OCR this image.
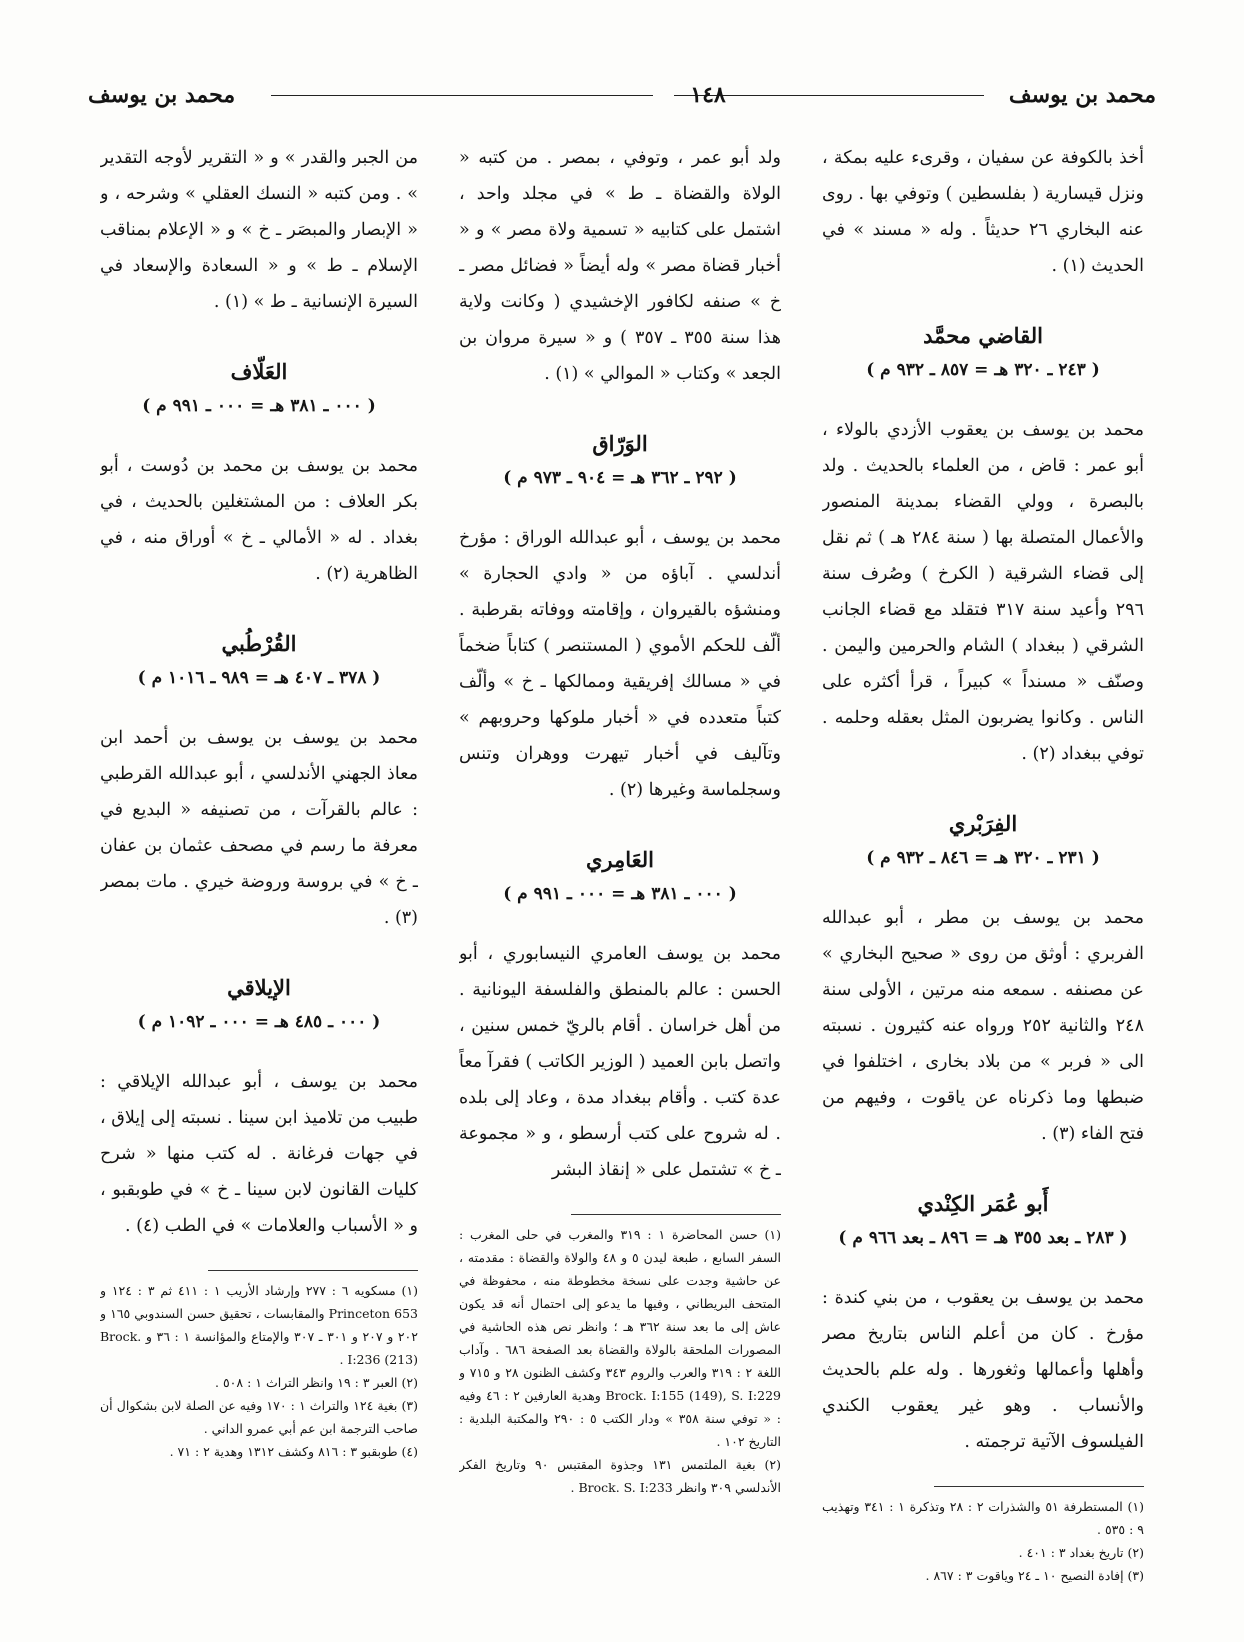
محمد بن يوسف
١٤٨
محمد بن يوسف

أخذ بالكوفة عن سفيان ، وقرىء عليه بمكة ، ونزل قيسارية ( بفلسطين ) وتوفي بها . روى عنه البخاري ٢٦ حديثاً . وله « مسند » في الحديث (١) .

القاضي محمَّد
( ٢٤٣ ـ ٣٢٠ هـ = ٨٥٧ ـ ٩٣٢ م )

محمد بن يوسف بن يعقوب الأزدي بالولاء ، أبو عمر : قاض ، من العلماء بالحديث . ولد بالبصرة ، وولي القضاء بمدينة المنصور والأعمال المتصلة بها ( سنة ٢٨٤ هـ ) ثم نقل إلى قضاء الشرقية ( الكرخ ) وصُرف سنة ٢٩٦ وأعيد سنة ٣١٧ فتقلد مع قضاء الجانب الشرقي ( ببغداد ) الشام والحرمين واليمن . وصنّف « مسنداً » كبيراً ، قرأ أكثره على الناس . وكانوا يضربون المثل بعقله وحلمه . توفي ببغداد (٢) .

الفِرَبْري
( ٢٣١ ـ ٣٢٠ هـ = ٨٤٦ ـ ٩٣٢ م )

محمد بن يوسف بن مطر ، أبو عبدالله الفربري : أوثق من روى « صحيح البخاري » عن مصنفه . سمعه منه مرتين ، الأولى سنة ٢٤٨ والثانية ٢٥٢ ورواه عنه كثيرون . نسبته الى « فربر » من بلاد بخارى ، اختلفوا في ضبطها وما ذكرناه عن ياقوت ، وفيهم من فتح الفاء (٣) .

أَبو عُمَر الكِنْدي
( ٢٨٣ ـ بعد ٣٥٥ هـ = ٨٩٦ ـ بعد ٩٦٦ م )

محمد بن يوسف بن يعقوب ، من بني كندة : مؤرخ . كان من أعلم الناس بتاريخ مصر وأهلها وأعمالها وثغورها . وله علم بالحديث والأنساب . وهو غير يعقوب الكندي الفيلسوف الآتية ترجمته .

(١) المستطرفة ٥١ والشذرات ٢ : ٢٨ وتذكرة ١ : ٣٤١ وتهذيب ٩ : ٥٣٥ .

(٢) تاريخ بغداد ٣ : ٤٠١ .

(٣) إفادة النصيح ١٠ ـ ٢٤ وياقوت ٣ : ٨٦٧ .

ولد أبو عمر ، وتوفي ، بمصر . من كتبه « الولاة والقضاة ـ ط » في مجلد واحد ، اشتمل على كتابيه « تسمية ولاة مصر » و « أخبار قضاة مصر » وله أيضاً « فضائل مصر ـ خ » صنفه لكافور الإخشيدي ( وكانت ولاية هذا سنة ٣٥٥ ـ ٣٥٧ ) و « سيرة مروان بن الجعد » وكتاب « الموالي » (١) .

الوَرّاق
( ٢٩٢ ـ ٣٦٢ هـ = ٩٠٤ ـ ٩٧٣ م )

محمد بن يوسف ، أبو عبدالله الوراق : مؤرخ أندلسي . آباؤه من « وادي الحجارة » ومنشؤه بالقيروان ، وإقامته ووفاته بقرطبة . ألّف للحكم الأموي ( المستنصر ) كتاباً ضخماً في « مسالك إفريقية وممالكها ـ خ » وألّف كتباً متعدده في « أخبار ملوكها وحروبهم » وتآليف في أخبار تيهرت ووهران وتنس وسجلماسة وغيرها (٢) .

العَامِري
( ٠٠٠ ـ ٣٨١ هـ = ٠٠٠ ـ ٩٩١ م )

محمد بن يوسف العامري النيسابوري ، أبو الحسن : عالم بالمنطق والفلسفة اليونانية . من أهل خراسان . أقام بالريّ خمس سنين ، واتصل بابن العميد ( الوزير الكاتب ) فقرآ معاً عدة كتب . وأقام ببغداد مدة ، وعاد إلى بلده . له شروح على كتب أرسطو ، و « مجموعة ـ خ » تشتمل على « إنقاذ البشر

(١) حسن المحاضرة ١ : ٣١٩ والمغرب في حلى المغرب : السفر السابع ، طبعة ليدن ٥ و ٤٨ والولاة والقضاة : مقدمته ، عن حاشية وجدت على نسخة مخطوطة منه ، محفوظة في المتحف البريطاني ، وفيها ما يدعو إلى احتمال أنه قد يكون عاش إلى ما بعد سنة ٣٦٢ هـ ؛ وانظر نص هذه الحاشية في المصورات الملحقة بالولاة والقضاة بعد الصفحة ٦٨٦ . وآداب اللغة ٢ : ٣١٩ والعرب والروم ٣٤٣ وكشف الظنون ٢٨ و ٧١٥ و Brock. I:155 (149), S. I:229 وهدية العارفين ٢ : ٤٦ وفيه : « توفي سنة ٣٥٨ » ودار الكتب ٥ : ٢٩٠ والمكتبة البلدية : التاريخ ١٠٢ .

(٢) بغية الملتمس ١٣١ وجذوة المقتبس ٩٠ وتاريخ الفكر الأندلسي ٣٠٩ وانظر Brock. S. I:233 .

من الجبر والقدر » و « التقرير لأوجه التقدير » . ومن كتبه « النسك العقلي » وشرحه ، و « الإبصار والمبصَر ـ خ » و « الإعلام بمناقب الإسلام ـ ط » و « السعادة والإسعاد في السيرة الإنسانية ـ ط » (١) .

العَلّاف
( ٠٠٠ ـ ٣٨١ هـ = ٠٠٠ ـ ٩٩١ م )

محمد بن يوسف بن محمد بن دُوست ، أبو بكر العلاف : من المشتغلين بالحديث ، في بغداد . له « الأمالي ـ خ » أوراق منه ، في الظاهرية (٢) .

القُرْطُبي
( ٣٧٨ ـ ٤٠٧ هـ = ٩٨٩ ـ ١٠١٦ م )

محمد بن يوسف بن يوسف بن أحمد ابن معاذ الجهني الأندلسي ، أبو عبدالله القرطبي : عالم بالقرآت ، من تصنيفه « البديع في معرفة ما رسم في مصحف عثمان بن عفان ـ خ » في بروسة وروضة خيري . مات بمصر (٣) .

الإيلاقي
( ٠٠٠ ـ ٤٨٥ هـ = ٠٠٠ ـ ١٠٩٢ م )

محمد بن يوسف ، أبو عبدالله الإيلاقي : طبيب من تلاميذ ابن سينا . نسبته إلى إيلاق ، في جهات فرغانة . له كتب منها « شرح كليات القانون لابن سينا ـ خ » في طوبقبو ، و « الأسباب والعلامات » في الطب (٤) .

(١) مسكويه ٦ : ٢٧٧ وإرشاد الأريب ١ : ٤١١ ثم ٣ : ١٢٤ و Princeton 653 والمقابسات ، تحقيق حسن السندوبي ١٦٥ و ٢٠٢ و ٢٠٧ و ٣٠١ ـ ٣٠٧ والإمتاع والمؤانسة ١ : ٣٦ و Brock. I:236 (213) .

(٢) العبر ٣ : ١٩ وانظر التراث ١ : ٥٠٨ .

(٣) بغية ١٢٤ والتراث ١ : ١٧٠ وفيه عن الصلة لابن بشكوال أن صاحب الترجمة ابن عم أبي عمرو الداني .

(٤) طوبقبو ٣ : ٨١٦ وكشف ١٣١٢ وهدية ٢ : ٧١ .
